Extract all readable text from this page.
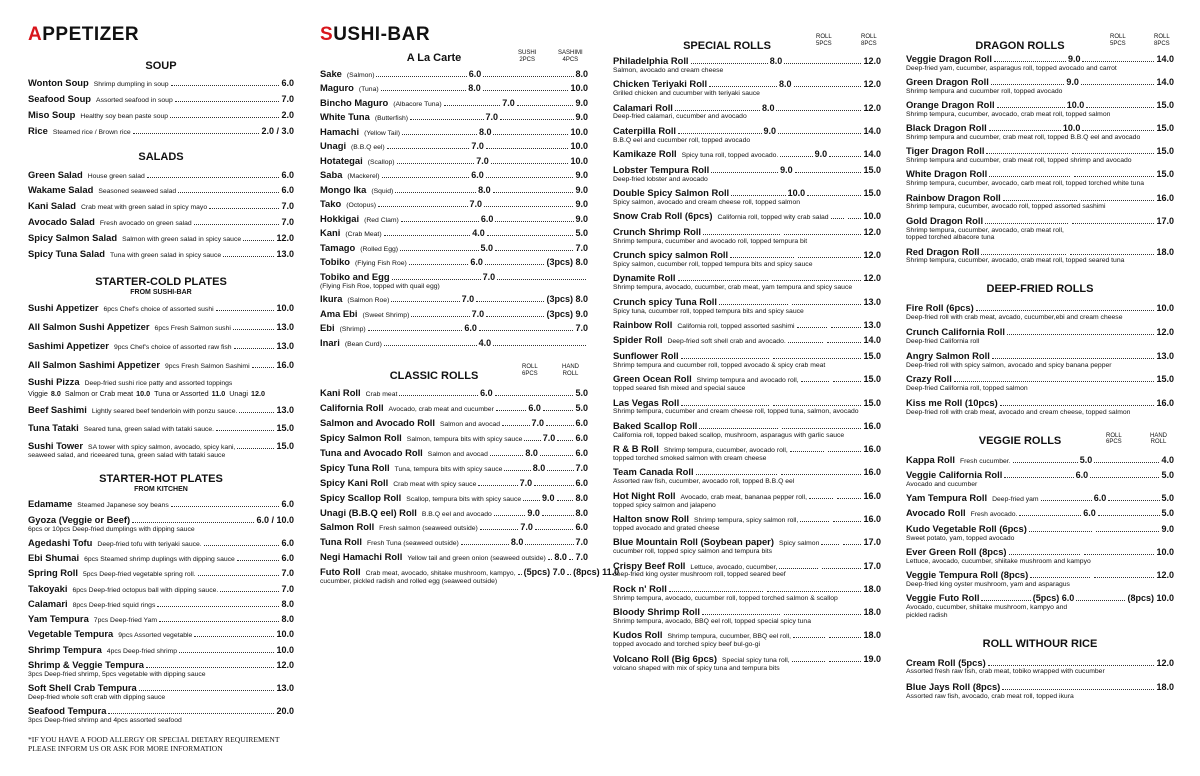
APPETIZER
SOUP
Wonton Soup Shrimp dumpling in soup	6.0
Seafood Soup Assorted seafood in soup	7.0
Miso Soup Healthy soy bean paste soup	2.0
Rice Steamed rice / Brown rice	2.0 / 3.0
SALADS
Green Salad House green salad	6.0
Wakame Salad Seasoned seaweed salad	6.0
Kani Salad Crab meat with green salad in spicy mayo	7.0
Avocado Salad Fresh avocado on green salad	7.0
Spicy Salmon Salad Salmon with green salad in spicy sauce	12.0
Spicy Tuna Salad Tuna with green salad in spicy sauce	13.0
STARTER-COLD PLATES
FROM SUSHI-BAR
Sushi Appetizer 6pcs Chef's choice of assorted sushi	10.0
All Salmon Sushi Appetizer 6pcs Fresh Salmon sushi	13.0
Sashimi Appetizer 9pcs Chef's choice of assorted raw fish	13.0
All Salmon Sashimi Appetizer 9pcs Fresh Salmon Sashimi	16.0
Sushi Pizza Deep-fried sushi rice patty and assorted toppings
Viggie 8.0 Salmon or Crab meat 10.0 Tuna or Assorted 11.0 Unagi 12.0
Beef Sashimi Lightly seared beef tenderloin with ponzu sauce.	13.0
Tuna Tataki Seared tuna, green salad with tataki sauce.	15.0
Sushi Tower SA tower with spicy salmon, avocado, spicy kani,	15.0
seaweed salad, and riceeared tuna, green salad with tataki sauce
STARTER-HOT PLATES
FROM KITCHEN
Edamame Steamed Japanese soy beans	6.0
Gyoza (Veggie or Beef)	6.0 / 10.0
6pcs or 10pcs Deep-fried dumplings with dipping sauce
Agedashi Tofu Deep-fried tofu with teriyaki sauce.	6.0
Ebi Shumai 6pcs Steamed shrimp duplings with dipping sauce	6.0
Spring Roll 5pcs Deep-fried vegetable spring roll.	7.0
Takoyaki 6pcs Deep-fried octopus ball with dipping sauce.	7.0
Calamari 8pcs Deep-fried squid rings	8.0
Yam Tempura 7pcs Deep-fried Yam	8.0
Vegetable Tempura 9pcs Assorted vegetable	10.0
Shrimp Tempura 4pcs Deep-fried shrimp	10.0
Shrimp & Veggie Tempura	12.0
3pcs Deep-fried shrimp, 5pcs vegetable with dipping sauce
Soft Shell Crab Tempura	13.0
Deep-fried whole soft crab with dipping sauce
Seafood Tempura	20.0
3pcs Deep-fried shrimp and 4pcs assorted seafood
*IF YOU HAVE A FOOD ALLERGY OR SPECIAL DIETARY REQUIREMENT
PLEASE INFORM US OR ASK FOR MORE INFORMATION
SUSHI-BAR
SUSHI
2PCS
SASHIMI
4PCS
A La Carte
Sake (Salmon)	6.0	8.0
Maguro (Tuna)	8.0	10.0
Bincho Maguro (Albacore Tuna)	7.0	9.0
White Tuna (Butterfish)	7.0	9.0
Hamachi (Yellow Tail)	8.0	10.0
Unagi (B.B.Q eel)	7.0	10.0
Hotategai (Scallop)	7.0	10.0
Saba (Mackerel)	6.0	9.0
Mongo Ika (Squid)	8.0	9.0
Tako (Octopus)	7.0	9.0
Hokkigai (Red Clam)	6.0	9.0
Kani (Crab Meat)	4.0	5.0
Tamago (Rolled Egg)	5.0	7.0
Tobiko (Flying Fish Roe)	6.0	(3pcs) 8.0
Tobiko and Egg	7.0
(Flying Fish Roe, topped with quail egg)
Ikura (Salmon Roe)	7.0	(3pcs) 8.0
Ama Ebi (Sweet Shrimp)	7.0	(3pcs) 9.0
Ebi (Shrimp)	6.0	7.0
Inari (Bean Curd)	4.0
ROLL
6PCS
HAND
ROLL
CLASSIC ROLLS
Kani Roll Crab meat	6.0	5.0
California Roll Avocado, crab meat and cucumber	6.0	5.0
Salmon and Avocado Roll Salmon and avocad	7.0	6.0
Spicy Salmon Roll Salmon, tempura bits with spicy sauce 7.0 6.0
Tuna and Avocado Roll Salmon and avocad	8.0	6.0
Spicy Tuna Roll Tuna, tempura bits with spicy sauce	8.0	7.0
Spicy Kani Roll Crab meat with spicy sauce	7.0	6.0
Spicy Scallop Roll Scallop, tempura bits with spicy sauce 9.0 8.0
Unagi (B.B.Q eel) Roll B.B.Q eel and avocado	9.0	8.0
Salmon Roll Fresh salmon (seaweed outside)	7.0	6.0
Tuna Roll Fresh Tuna (seaweed outside)	8.0	7.0
Negi Hamachi Roll Yellow tail and green onion (seaweed outside) 8.0 7.0
Futo Roll Crab meat, avocado, shitake mushroom, kampyo, (5pcs) 7.0 (8pcs) 11.0
cucumber, pickled radish and rolled egg (seaweed outside)
ROLL
5PCS
ROLL
8PCS
SPECIAL ROLLS
Philadelphia Roll	8.0	12.0
Salmon, avocado and cream cheese
Chicken Teriyaki Roll	8.0	12.0
Grilled chicken and cucumber with teriyaki sauce
Calamari Roll	8.0	12.0
Deep-fried calamari, cucumber and avocado
Caterpilla Roll	9.0	14.0
B.B.Q eel and cucumber roll, topped avocado
Kamikaze Roll Spicy tuna roll, topped avocado.	9.0	14.0
Lobster Tempura Roll	9.0	15.0
Deep-fried lobster and avocado
Double Spicy Salmon Roll	10.0	15.0
Spicy salmon, avocado and cream cheese roll, topped salmon
Snow Crab Roll (6pcs) California roll, topped wity crab salad	10.0
Crunch Shrimp Roll	12.0
Shrimp tempura, cucumber and avocado roll, topped tempura bit
Crunch spicy salmon Roll	12.0
Spicy salmon, cucumber roll, topped tempura bits and spicy sauce
Dynamite Roll	12.0
Shrimp tempura, avocado, cucumber, crab meat, yam tempura and spicy sauce
Crunch spicy Tuna Roll	13.0
Spicy tuna, cucumber roll, topped tempura bits and spicy sauce
Rainbow Roll California roll, topped assorted sashimi	13.0
Spider Roll Deep-fried soft shell crab and avocado.	14.0
Sunflower Roll	15.0
Shrimp tempura and cucumber roll, topped avocado & spicy crab meat
Green Ocean Roll Shrimp tempura and avocado roll,	15.0
topped seared fish mixed and special sauce
Las Vegas Roll	15.0
Shrimp tempura, cucumber and cream cheese roll, topped tuna, salmon, avocado
Baked Scallop Roll	16.0
California roll, topped baked scallop, mushroom, asparagus with garlic sauce
R & B Roll Shrimp tempura, cucumber, avocado roll,	16.0
topped torched smoked salmon with cream cheese
Team Canada Roll	16.0
Assorted raw fish, cucumber, avocado roll, topped B.B.Q eel
Hot Night Roll Avocado, crab meat, bananaa pepper roll,	16.0
topped spicy salmon and jalapeno
Halton snow Roll Shrimp tempura, spicy salmon roll,	16.0
topped avocado and grated cheese
Blue Mountain Roll (Soybean paper) Spicy salmon	17.0
cucumber roll, topped spicy salmon and tempura bits
Crispy Beef Roll Lettuce, avocado, cucumber,	17.0
deep-fried king oyster mushroom roll, topped seared beef
Rock n' Roll	18.0
Shrimp tempura, avocado, cucumber roll, topped torched salmon & scallop
Bloody Shrimp Roll	18.0
Shrimp tempura, avocado, BBQ eel roll, topped special spicy tuna
Kudos Roll Shrimp tempura, cucumber, BBQ eel roll,	18.0
topped avocado and torched spicy beef bul-go-gi
Volcano Roll (Big 6pcs) Special spicy tuna roll,	19.0
volcano shaped with mix of spicy tuna and tempura bits
ROLL
5PCS
ROLL
8PCS
DRAGON ROLLS
Veggie Dragon Roll	9.0	14.0
Deep-fried yam, cucumber, asparagus roll, topped avocado and carrot
Green Dragon Roll	9.0	14.0
Shrimp tempura and cucumber roll, topped avocado
Orange Dragon Roll	10.0	15.0
Shrimp tempura, cucumber, avocado, crab meat roll, topped salmon
Black Dragon Roll	10.0	15.0
Shrimp tempura and cucumber, crab meat roll, topped B.B.Q eel and avocado
Tiger Dragon Roll	15.0
Shrimp tempura and cucumber, crab meat roll, topped shrimp and avocado
White Dragon Roll	15.0
Shrimp tempura, cucumber, avocado, carb meat roll, topped torched white tuna
Rainbow Dragon Roll	16.0
Shrimp tempura, cucumber, avocado roll, topped assorted sashimi
Gold Dragon Roll	17.0
Shrimp tempura, cucumber, avocado, crab meat roll,
topped torched albacore tuna
Red Dragon Roll	18.0
Shrimp tempura, cucumber, avocado, crab meat roll, topped seared tuna
DEEP-FRIED ROLLS
Fire Roll (6pcs)	10.0
Deep-fried roll with crab meat, avcado, cucumber,ebi and cream cheese
Crunch California Roll	12.0
Deep-fried California roll
Angry Salmon Roll	13.0
Deep-fried roll with spicy salmon, avocado and spicy banana pepper
Crazy Roll	15.0
Deep-fried California roll, topped salmon
Kiss me Roll (10pcs)	16.0
Deep-fried roll with crab meat, avocado and cream cheese, topped salmon
ROLL
6PCS
HAND
ROLL
VEGGIE ROLLS
Kappa Roll Fresh cucumber.	5.0	4.0
Veggie California Roll	6.0	5.0
Avocado and cucumber
Yam Tempura Roll Deep-fried yam	6.0	5.0
Avocado Roll Fresh avocado.	6.0	5.0
Kudo Vegetable Roll (6pcs)	9.0
Sweet potato, yam, topped avocado
Ever Green Roll (8pcs)	10.0
Lettuce, avocado, cucumber, shiitake mushroom and kampyo
Veggie Tempura Roll (8pcs)	12.0
Deep-fried king oyster mushroom, yam and asparagus
Veggie Futo Roll	(5pcs) 6.0	(8pcs) 10.0
Avocado, cucumber, shiitake mushroom, kampyo and
pickled radish
ROLL WITHOUR RICE
Cream Roll (5pcs)	12.0
Assorted fresh raw fish, crab meat, tobiko wrapped with cucumber
Blue Jays Roll (8pcs)	18.0
Assorted raw fish, avocado, crab meat roll, topped ikura
